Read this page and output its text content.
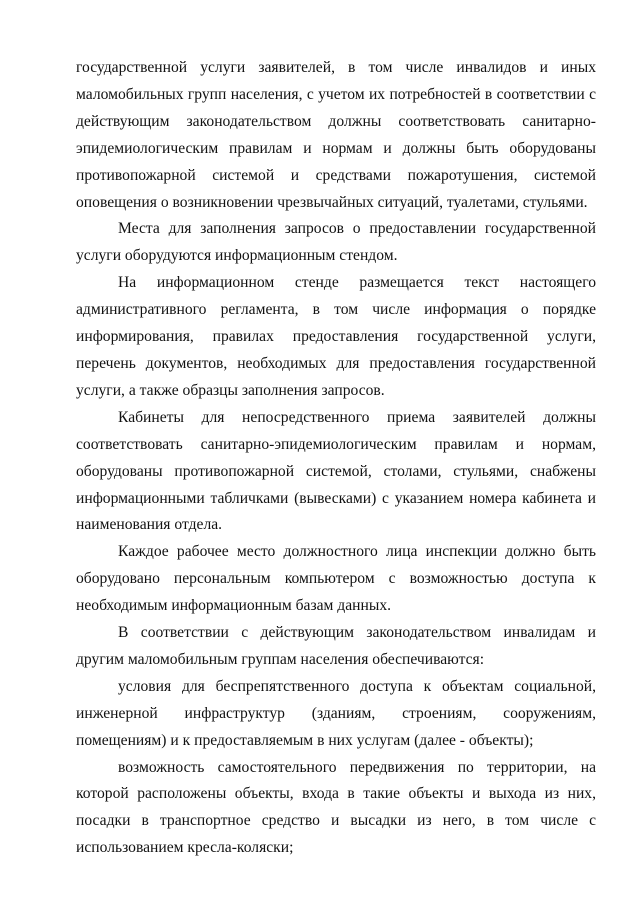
государственной услуги заявителей, в том числе инвалидов и иных маломобильных групп населения, с учетом их потребностей в соответствии с действующим законодательством должны соответствовать санитарно-эпидемиологическим правилам и нормам и должны быть оборудованы противопожарной системой и средствами пожаротушения, системой оповещения о возникновении чрезвычайных ситуаций, туалетами, стульями.

Места для заполнения запросов о предоставлении государственной услуги оборудуются информационным стендом.

На информационном стенде размещается текст настоящего административного регламента, в том числе информация о порядке информирования, правилах предоставления государственной услуги, перечень документов, необходимых для предоставления государственной услуги, а также образцы заполнения запросов.

Кабинеты для непосредственного приема заявителей должны соответствовать санитарно-эпидемиологическим правилам и нормам, оборудованы противопожарной системой, столами, стульями, снабжены информационными табличками (вывесками) с указанием номера кабинета и наименования отдела.

Каждое рабочее место должностного лица инспекции должно быть оборудовано персональным компьютером с возможностью доступа к необходимым информационным базам данных.

В соответствии с действующим законодательством инвалидам и другим маломобильным группам населения обеспечиваются:

условия для беспрепятственного доступа к объектам социальной, инженерной инфраструктур (зданиям, строениям, сооружениям, помещениям) и к предоставляемым в них услугам (далее - объекты);

возможность самостоятельного передвижения по территории, на которой расположены объекты, входа в такие объекты и выхода из них, посадки в транспортное средство и высадки из него, в том числе с использованием кресла-коляски;
